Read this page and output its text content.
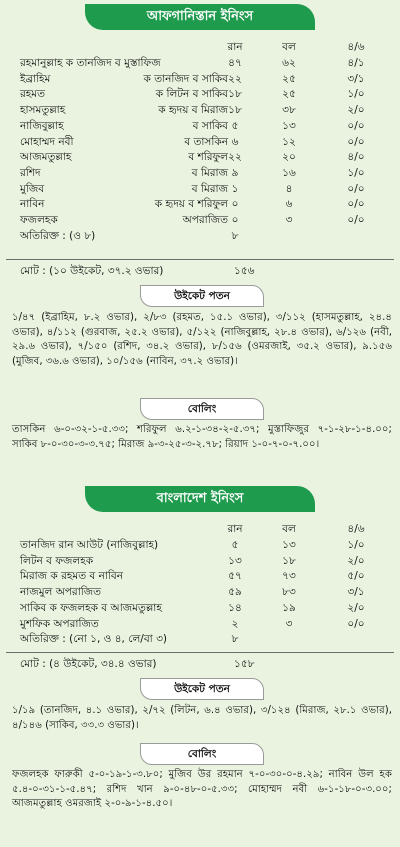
আফগানিস্তান ইনিংস
রান	বল	৪/৬
রহমানুল্লাহ ক তানজিদ ব মুস্তাফিজ	৪৭	৬২	৪/১
ইব্রাহিম	ক তানজিদ ব সাকিব ২২	২৫	৩/১
রহমত	ক লিটন ব সাকিব ১৮	২৫	১/০
হাসমতুল্লাহ	ক হৃদয় ব মিরাজ ১৮	৩৮	২/০
নাজিবুল্লাহ	ব সাকিব ৫	১৩	০/০
মোহাম্মদ নবী	ব তাসকিন ৬	১২	০/০
আজমতুল্লাহ	ব শরিফুল ২২	২০	৪/০
রশিদ	ব মিরাজ ৯	১৬	১/০
মুজিব	ব মিরাজ ১	৪	০/০
নাবিন	ক হৃদয় ব শরিফুল ০	৬	০/০
ফজলহক	অপরাজিত ০	৩	০/০
অতিরিক্ত : (ও ৮)	৮
মোট : (১০ উইকেট, ৩৭.২ ওভার)	১৫৬
উইকেট পতন
১/৪৭ (ইব্রাহিম, ৮.২ ওভার), ২/৮৩ (রহমত, ১৫.১ ওভার), ৩/১১২ (হাসমতুল্লাহ, ২৪.৪ ওভার), ৪/১১২ (গুরবাজ, ২৫.২ ওভার), ৫/১২২ (নাজিবুল্লাহ, ২৮.৪ ওভার), ৬/১২৬ (নবী, ২৯.৬ ওভার), ৭/১৫০ (রশিদ, ৩৪.২ ওভার), ৮/১৫৬ (ওমরজাই, ৩৫.২ ওভার), ৯.১৫৬ (মুজিব, ৩৬.৬ ওভার), ১০/১৫৬ (নাবিন, ৩৭.২ ওভার)।
বোলিং
তাসকিন ৬-০-৩২-১-৫.৩৩; শরিফুল ৬.২-১-৩৪-২-৫.৩৭; মুস্তাফিজুর ৭-১-২৮-১-৪.০০; সাকিব ৮-০-৩০-৩-৩.৭৫; মিরাজ ৯-৩-২৫-৩-২.৭৮; রিয়াদ ১-০-৭-০-৭.০০।
বাংলাদেশ ইনিংস
রান	বল	৪/৬
তানজিদ রান আউট (নাজিবুল্লাহ)	৫	১৩	১/০
লিটন ব ফজলহক	১৩	১৮	২/০
মিরাজ ক রহমত ব নাবিন	৫৭	৭৩	৫/০
নাজমুল অপরাজিত	৫৯	৮৩	৩/১
সাকিব ক ফজলহক ব আজমতুল্লাহ	১৪	১৯	২/০
মুশফিক অপরাজিত	২	৩	০/০
অতিরিক্ত : (নো ১, ও ৪, লে/বা ৩)	৮
মোট : (৪ উইকেট, ৩৪.৪ ওভার)	১৫৮
উইকেট পতন
১/১৯ (তানজিদ, ৪.১ ওভার), ২/৭২ (লিটন, ৬.৪ ওভার), ৩/১২৪ (মিরাজ, ২৮.১ ওভার), ৪/১৪৬ (সাকিব, ৩৩.৩ ওভার)।
বোলিং
ফজলহক ফারুকী ৫-০-১৯-১-৩.৮০; মুজিব উর রহমান ৭-০-৩০-০-৪.২৯; নাবিন উল হক ৫.৪-০-৩১-১-৫.৪৭; রশিদ খান ৯-০-৪৮-০-৫.৩৩; মোহাম্মদ নবী ৬-১-১৮-০-৩.০০; আজমতুল্লাহ ওমরজাই ২-০-৯-১-৪.৫০।
